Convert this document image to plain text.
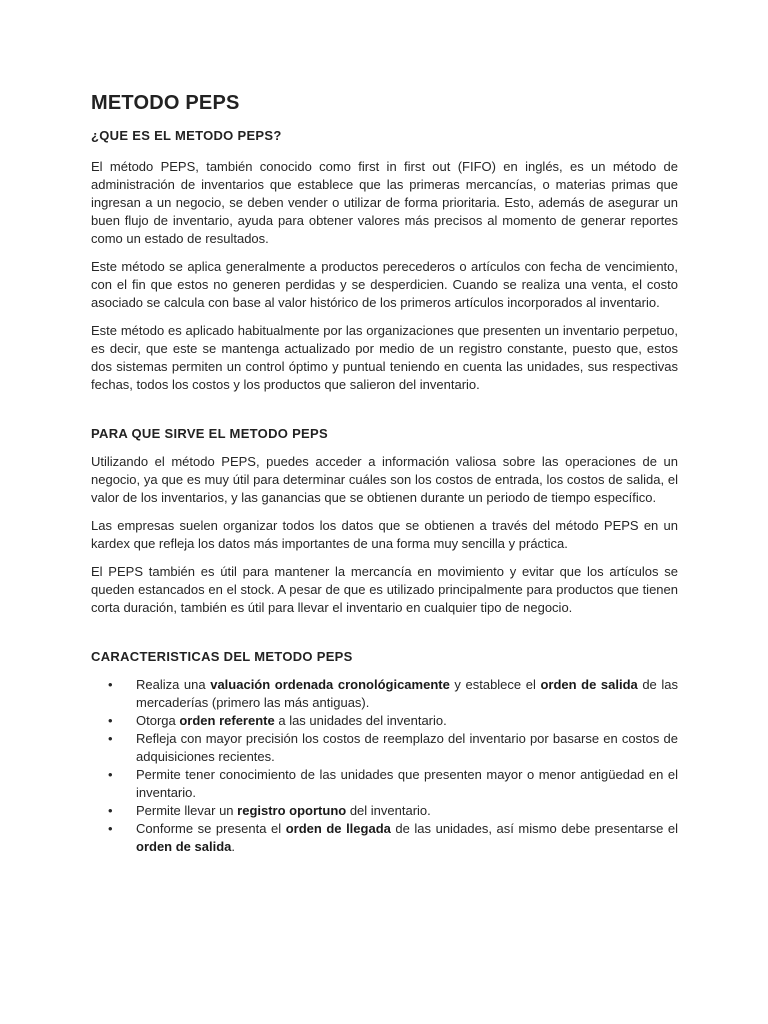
METODO PEPS
¿QUE ES EL METODO PEPS?

El método PEPS, también conocido como first in first out (FIFO) en inglés, es un método de administración de inventarios que establece que las primeras mercancías, o materias primas que ingresan a un negocio, se deben vender o utilizar de forma prioritaria. Esto, además de asegurar un buen flujo de inventario, ayuda para obtener valores más precisos al momento de generar reportes como un estado de resultados.

Este método se aplica generalmente a productos perecederos o artículos con fecha de vencimiento, con el fin que estos no generen perdidas y se desperdicien. Cuando se realiza una venta, el costo asociado se calcula con base al valor histórico de los primeros artículos incorporados al inventario.

Este método es aplicado habitualmente por las organizaciones que presenten un inventario perpetuo, es decir, que este se mantenga actualizado por medio de un registro constante, puesto que, estos dos sistemas permiten un control óptimo y puntual teniendo en cuenta las unidades, sus respectivas fechas, todos los costos y los productos que salieron del inventario.

PARA QUE SIRVE EL METODO PEPS

Utilizando el método PEPS, puedes acceder a información valiosa sobre las operaciones de un negocio, ya que es muy útil para determinar cuáles son los costos de entrada, los costos de salida, el valor de los inventarios, y las ganancias que se obtienen durante un periodo de tiempo específico.

Las empresas suelen organizar todos los datos que se obtienen a través del método PEPS en un kardex que refleja los datos más importantes de una forma muy sencilla y práctica.

El PEPS también es útil para mantener la mercancía en movimiento y evitar que los artículos se queden estancados en el stock. A pesar de que es utilizado principalmente para productos que tienen corta duración, también es útil para llevar el inventario en cualquier tipo de negocio.

CARACTERISTICAS DEL METODO PEPS
•	Realiza una valuación ordenada cronológicamente y establece el orden de salida de las mercaderías (primero las más antiguas).
•	Otorga orden referente a las unidades del inventario.
•	Refleja con mayor precisión los costos de reemplazo del inventario por basarse en costos de adquisiciones recientes.
•	Permite tener conocimiento de las unidades que presenten mayor o menor antigüedad en el inventario.
•	Permite llevar un registro oportuno del inventario.
•	Conforme se presenta el orden de llegada de las unidades, así mismo debe presentarse el orden de salida.
